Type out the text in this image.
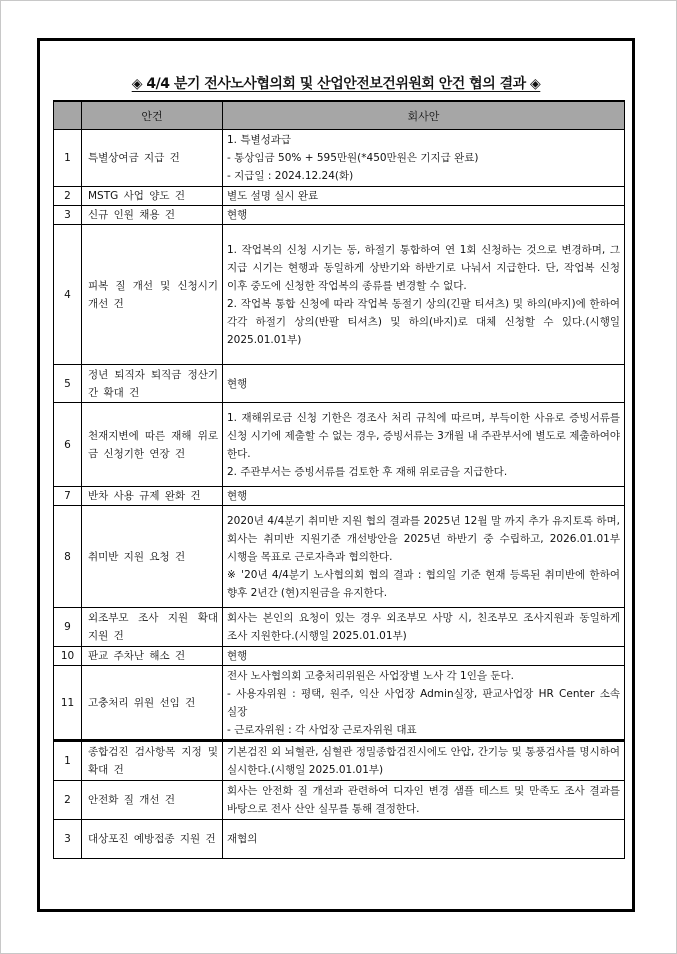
◈ 4/4 분기 전사노사협의회 및 산업안전보건위원회 안건 협의 결과 ◈
	안건	회사안
1	특별상여금 지급 건	1. 특별성과급
- 통상임금 50% + 595만원(*450만원은 기지급 완료)
- 지급일 : 2024.12.24(화)

2	MSTG 사업 양도 건	별도 설명 실시 완료

3	신규 인원 채용 건	현행

4	피복 질 개선 및 신청시기 개선 건	1. 작업복의 신청 시기는 동, 하절기 통합하여 연 1회 신청하는 것으로 변경하며, 그 지급 시기는 현행과 동일하게 상반기와 하반기로 나눠서 지급한다. 단, 작업복 신청 이후 중도에 신청한 작업복의 종류를 변경할 수 없다.
2. 작업복 통합 신청에 따라 작업복 동절기 상의(긴팔 티셔츠) 및 하의(바지)에 한하여 각각 하절기 상의(반팔 티셔츠) 및 하의(바지)로 대체 신청할 수 있다.(시행일 2025.01.01부)

5	정년 퇴직자 퇴직금 정산기간 확대 건	현행

6	천재지변에 따른 재해 위로금 신청기한 연장 건	1. 재해위로금 신청 기한은 경조사 처리 규칙에 따르며, 부득이한 사유로 증빙서류를 신청 시기에 제출할 수 없는 경우, 증빙서류는 3개월 내 주관부서에 별도로 제출하여야 한다.
2. 주관부서는 증빙서류를 검토한 후 재해 위로금을 지급한다.

7	반차 사용 규제 완화 건	현행

8	취미반 지원 요청 건	2020년 4/4분기 취미반 지원 협의 결과를 2025년 12월 말 까지 추가 유지토록 하며, 회사는 취미반 지원기준 개선방안을 2025년 하반기 중 수립하고, 2026.01.01부 시행을 목표로 근로자측과 협의한다.
※ '20년 4/4분기 노사협의회 협의 결과 : 협의일 기준 현재 등록된 취미반에 한하여 향후 2년간 (현)지원금을 유지한다.

9	외조부모 조사 지원 확대 지원 건	회사는 본인의 요청이 있는 경우 외조부모 사망 시, 친조부모 조사지원과 동일하게 조사 지원한다.(시행일 2025.01.01부)

10	판교 주차난 해소 건	현행

11	고충처리 위원 선임 건	전사 노사협의회 고충처리위원은 사업장별 노사 각 1인을 둔다.
- 사용자위원 : 평택, 원주, 익산 사업장 Admin실장, 판교사업장 HR Center 소속 실장
- 근로자위원 : 각 사업장 근로자위원 대표

1	종합검진 검사항목 지정 및 확대 건	기본검진 외 뇌혈관, 심혈관 정밀종합검진시에도 안압, 간기능 및 통풍검사를 명시하여 실시한다.(시행일 2025.01.01부)

2	안전화 질 개선 건	회사는 안전화 질 개선과 관련하여 디자인 변경 샘플 테스트 및 만족도 조사 결과를 바탕으로 전사 산안 실무를 통해 결정한다.

3	대상포진 예방접종 지원 건	재협의
